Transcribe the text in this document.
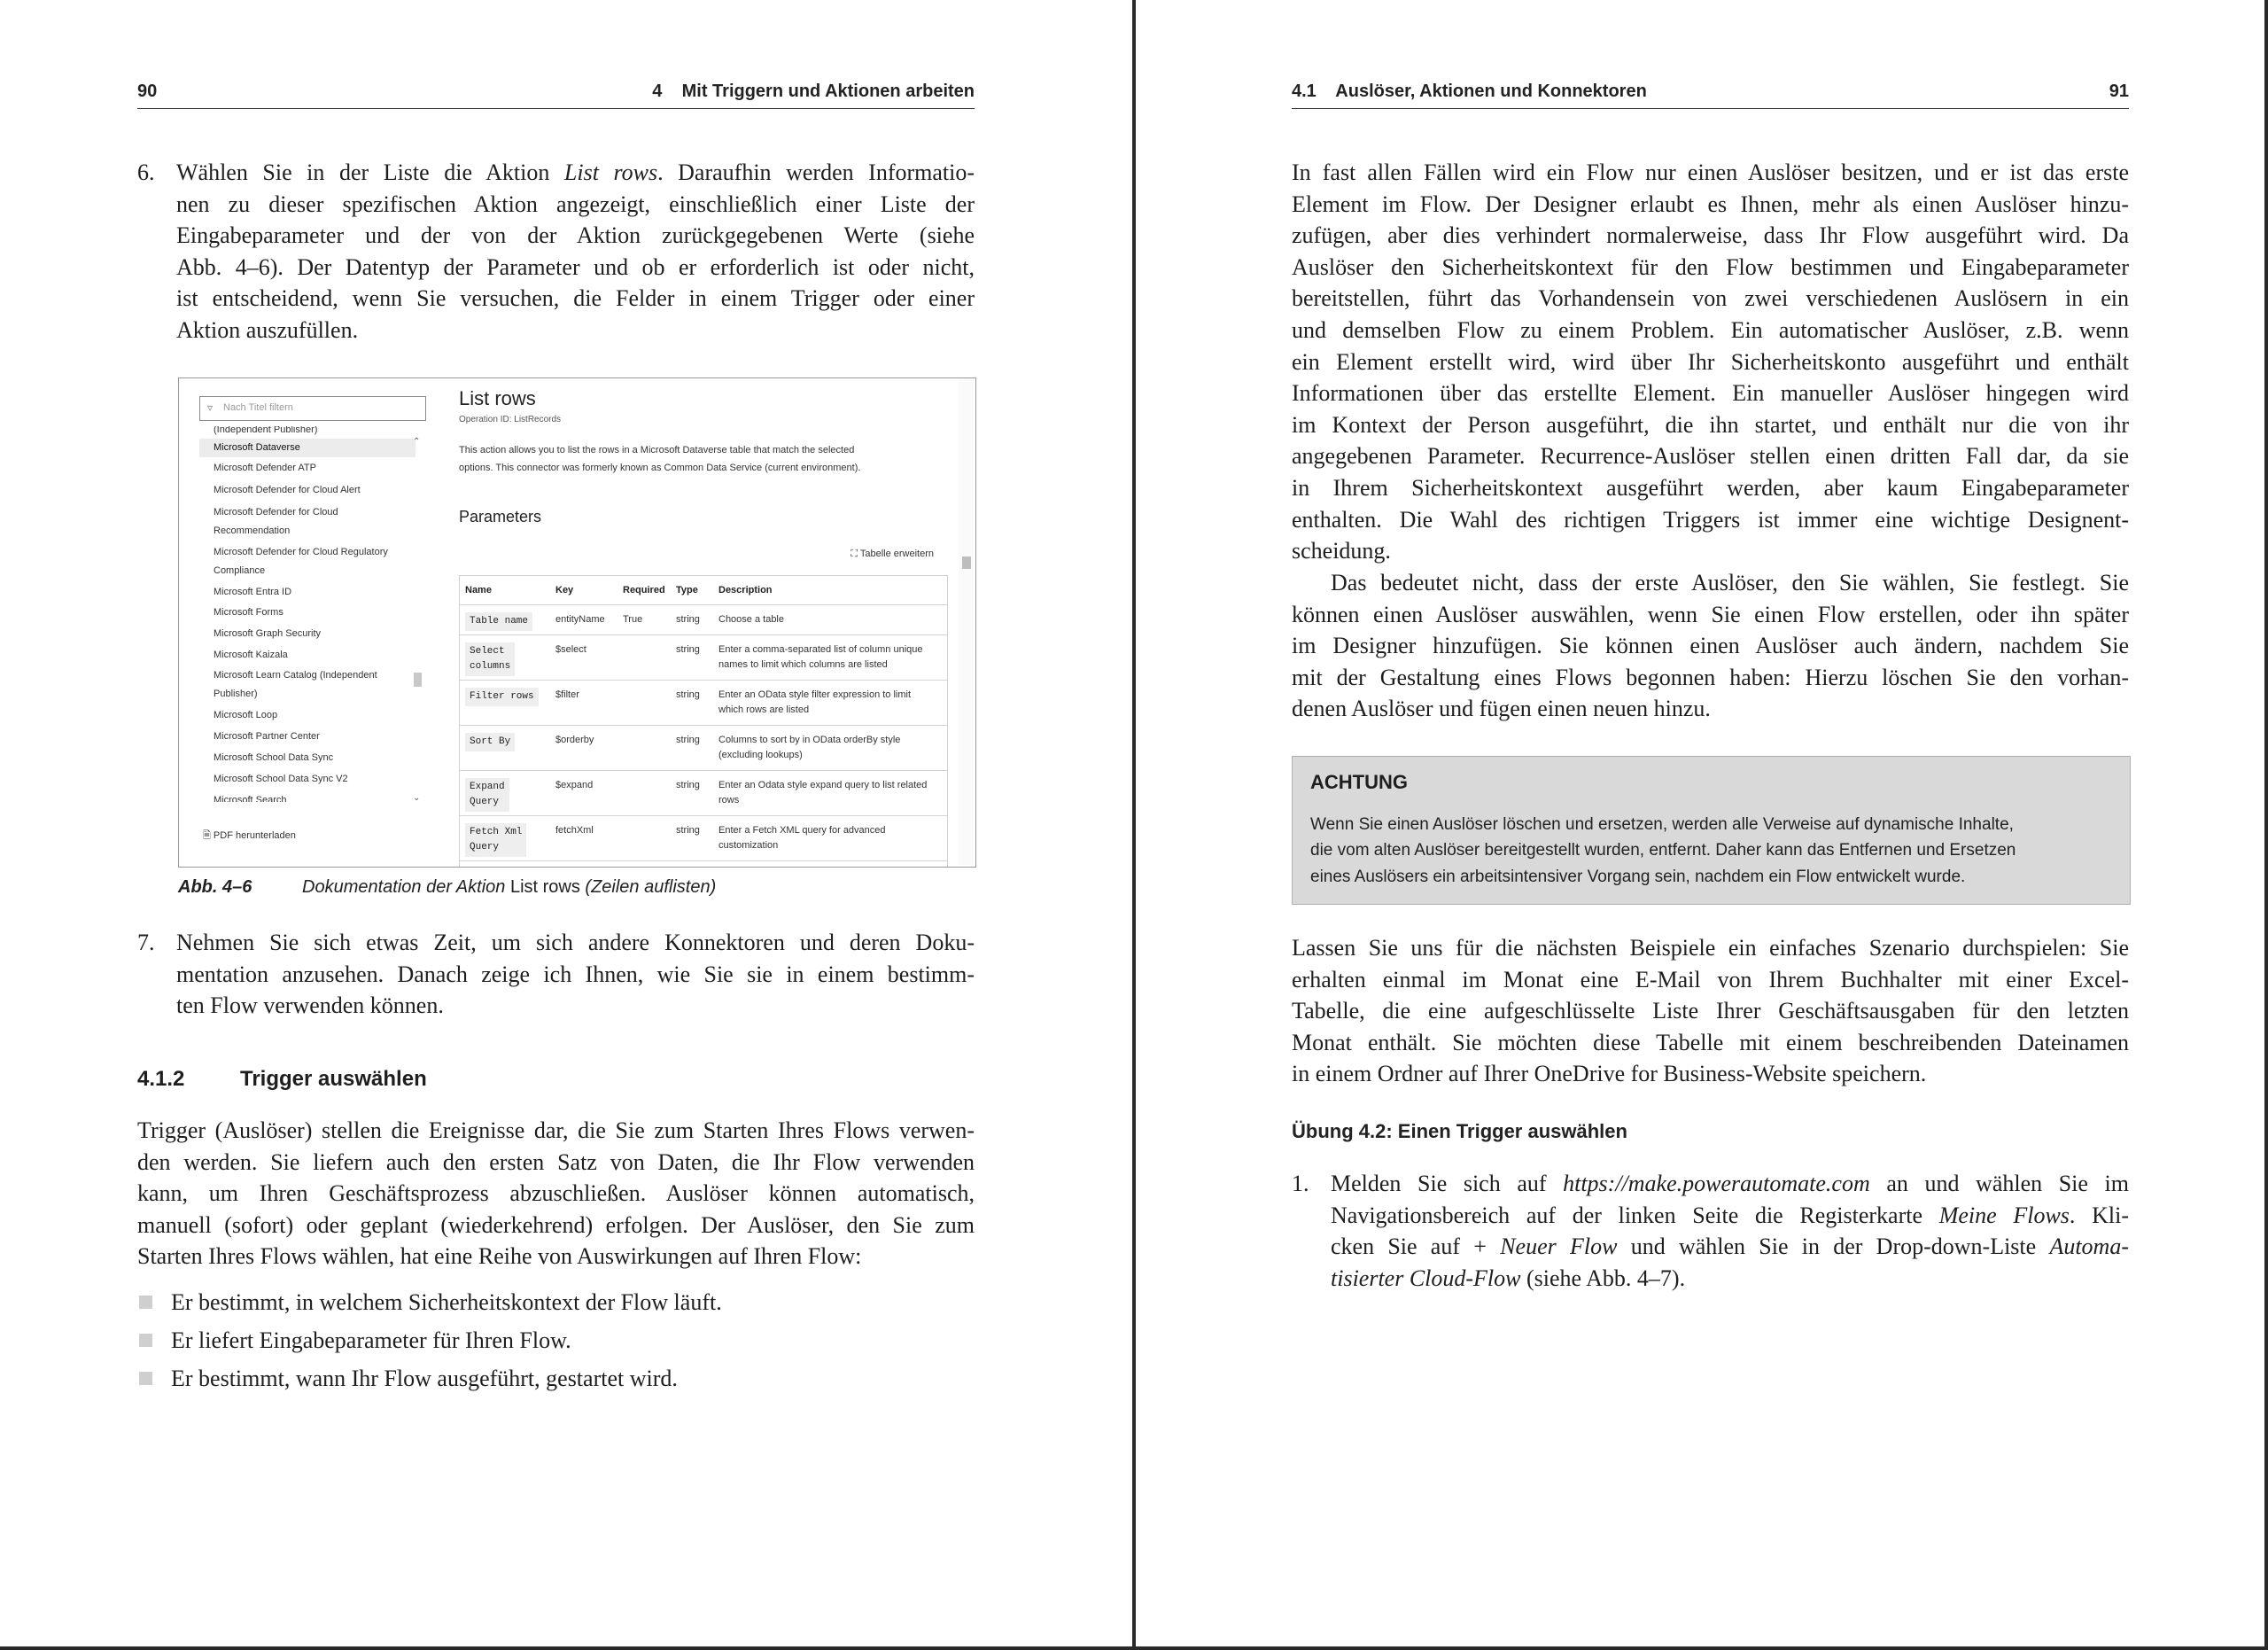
90	4    Mit Triggern und Aktionen arbeiten
6. Wählen Sie in der Liste die Aktion List rows. Daraufhin werden Informatio-
nen zu dieser spezifischen Aktion angezeigt, einschließlich einer Liste der
Eingabeparameter und der von der Aktion zurückgegebenen Werte (siehe
Abb. 4–6). Der Datentyp der Parameter und ob er erforderlich ist oder nicht,
ist entscheidend, wenn Sie versuchen, die Felder in einem Trigger oder einer
Aktion auszufüllen.
▿ Nach Titel filtern
(Independent Publisher)
Microsoft Dataverse
Microsoft Defender ATP
Microsoft Defender for Cloud Alert
Microsoft Defender for Cloud
Recommendation
Microsoft Defender for Cloud Regulatory
Compliance
Microsoft Entra ID
Microsoft Forms
Microsoft Graph Security
Microsoft Kaizala
Microsoft Learn Catalog (Independent
Publisher)
Microsoft Loop
Microsoft Partner Center
Microsoft School Data Sync
Microsoft School Data Sync V2
Microsoft Search
⌃
⌄
🗎 PDF herunterladen
List rows
Operation ID: ListRecords
This action allows you to list the rows in a Microsoft Dataverse table that match the selected
options. This connector was formerly known as Common Data Service (current environment).
Parameters
⛶ Tabelle erweitern
Name	Key	Required	Type	Description
Table name	entityName	True	string	Choose a table
Select
columns
$select	string	Enter a comma-separated list of column unique
names to limit which columns are listed
Filter rows	$filter	string	Enter an OData style filter expression to limit
which rows are listed
Sort By	$orderby	string	Columns to sort by in OData orderBy style
(excluding lookups)
Expand
Query
$expand	string	Enter an Odata style expand query to list related
rows
Fetch Xml
Query
fetchXml	string	Enter a Fetch XML query for advanced
customization
Abb. 4–6	Dokumentation der Aktion List rows (Zeilen auflisten)
7. Nehmen Sie sich etwas Zeit, um sich andere Konnektoren und deren Doku-
mentation anzusehen. Danach zeige ich Ihnen, wie Sie sie in einem bestimm-
ten Flow verwenden können.
4.1.2	Trigger auswählen
Trigger (Auslöser) stellen die Ereignisse dar, die Sie zum Starten Ihres Flows verwen-
den werden. Sie liefern auch den ersten Satz von Daten, die Ihr Flow verwenden
kann, um Ihren Geschäftsprozess abzuschließen. Auslöser können automatisch,
manuell (sofort) oder geplant (wiederkehrend) erfolgen. Der Auslöser, den Sie zum
Starten Ihres Flows wählen, hat eine Reihe von Auswirkungen auf Ihren Flow:
Er bestimmt, in welchem Sicherheitskontext der Flow läuft.
Er liefert Eingabeparameter für Ihren Flow.
Er bestimmt, wann Ihr Flow ausgeführt, gestartet wird.
4.1    Auslöser, Aktionen und Konnektoren	91
In fast allen Fällen wird ein Flow nur einen Auslöser besitzen, und er ist das erste
Element im Flow. Der Designer erlaubt es Ihnen, mehr als einen Auslöser hinzu-
zufügen, aber dies verhindert normalerweise, dass Ihr Flow ausgeführt wird. Da
Auslöser den Sicherheitskontext für den Flow bestimmen und Eingabeparameter
bereitstellen, führt das Vorhandensein von zwei verschiedenen Auslösern in ein
und demselben Flow zu einem Problem. Ein automatischer Auslöser, z.B. wenn
ein Element erstellt wird, wird über Ihr Sicherheitskonto ausgeführt und enthält
Informationen über das erstellte Element. Ein manueller Auslöser hingegen wird
im Kontext der Person ausgeführt, die ihn startet, und enthält nur die von ihr
angegebenen Parameter. Recurrence-Auslöser stellen einen dritten Fall dar, da sie
in Ihrem Sicherheitskontext ausgeführt werden, aber kaum Eingabeparameter
enthalten. Die Wahl des richtigen Triggers ist immer eine wichtige Designent-
scheidung.
Das bedeutet nicht, dass der erste Auslöser, den Sie wählen, Sie festlegt. Sie
können einen Auslöser auswählen, wenn Sie einen Flow erstellen, oder ihn später
im Designer hinzufügen. Sie können einen Auslöser auch ändern, nachdem Sie
mit der Gestaltung eines Flows begonnen haben: Hierzu löschen Sie den vorhan-
denen Auslöser und fügen einen neuen hinzu.
ACHTUNG
Wenn Sie einen Auslöser löschen und ersetzen, werden alle Verweise auf dynamische Inhalte,
die vom alten Auslöser bereitgestellt wurden, entfernt. Daher kann das Entfernen und Ersetzen
eines Auslösers ein arbeitsintensiver Vorgang sein, nachdem ein Flow entwickelt wurde.
Lassen Sie uns für die nächsten Beispiele ein einfaches Szenario durchspielen: Sie
erhalten einmal im Monat eine E-Mail von Ihrem Buchhalter mit einer Excel-
Tabelle, die eine aufgeschlüsselte Liste Ihrer Geschäftsausgaben für den letzten
Monat enthält. Sie möchten diese Tabelle mit einem beschreibenden Dateinamen
in einem Ordner auf Ihrer OneDrive for Business-Website speichern.
Übung 4.2: Einen Trigger auswählen
1. Melden Sie sich auf https://make.powerautomate.com an und wählen Sie im
Navigationsbereich auf der linken Seite die Registerkarte Meine Flows. Kli-
cken Sie auf + Neuer Flow und wählen Sie in der Drop-down-Liste Automa-
tisierter Cloud-Flow (siehe Abb. 4–7).
